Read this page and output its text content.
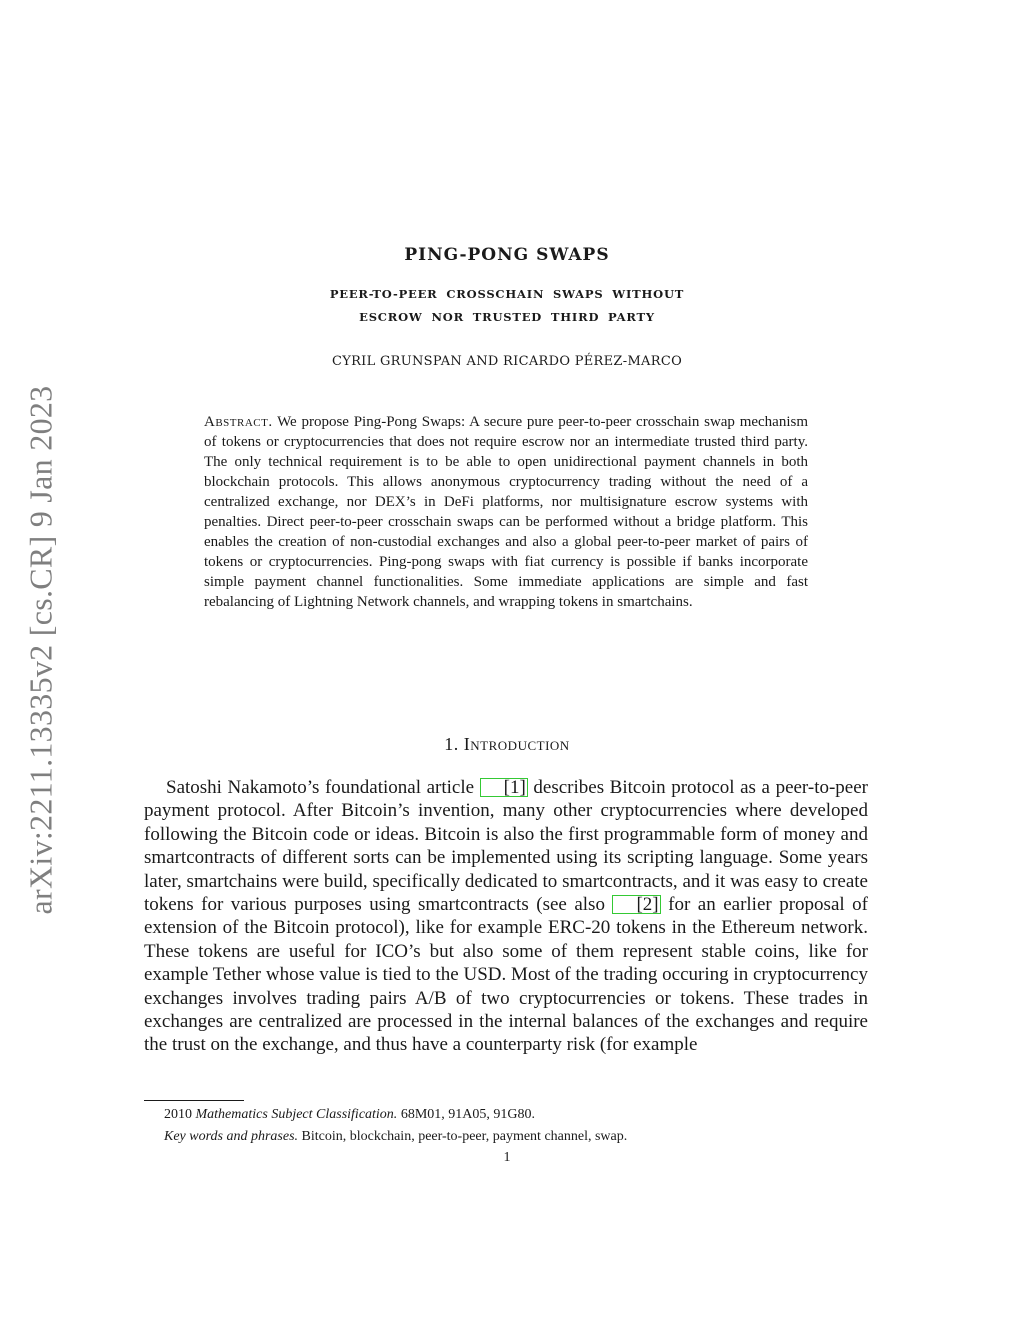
arXiv:2211.13335v2 [cs.CR] 9 Jan 2023
PING-PONG SWAPS
PEER-TO-PEER CROSSCHAIN SWAPS WITHOUT
ESCROW NOR TRUSTED THIRD PARTY
CYRIL GRUNSPAN AND RICARDO PÉREZ-MARCO
Abstract. We propose Ping-Pong Swaps: A secure pure peer-to-peer crosschain swap mechanism of tokens or cryptocurrencies that does not require escrow nor an intermediate trusted third party. The only technical requirement is to be able to open unidirectional payment channels in both blockchain protocols. This allows anonymous cryptocurrency trading without the need of a centralized exchange, nor DEX’s in DeFi platforms, nor multisignature escrow systems with penalties. Direct peer-to-peer crosschain swaps can be performed without a bridge platform. This enables the creation of non-custodial exchanges and also a global peer-to-peer market of pairs of tokens or cryptocurrencies. Ping-pong swaps with fiat currency is possible if banks incorporate simple payment channel functionalities. Some immediate applications are simple and fast rebalancing of Lightning Network channels, and wrapping tokens in smartchains.
1. Introduction

Satoshi Nakamoto’s foundational article [1] describes Bitcoin protocol as a peer-to-peer payment protocol. After Bitcoin’s invention, many other cryptocurrencies where developed following the Bitcoin code or ideas. Bitcoin is also the first programmable form of money and smartcontracts of different sorts can be implemented using its scripting language. Some years later, smartchains were build, specifically dedicated to smartcontracts, and it was easy to create tokens for various purposes using smartcontracts (see also [2] for an earlier proposal of extension of the Bitcoin protocol), like for example ERC-20 tokens in the Ethereum network. These tokens are useful for ICO’s but also some of them represent stable coins, like for example Tether whose value is tied to the USD. Most of the trading occuring in cryptocurrency exchanges involves trading pairs A/B of two cryptocurrencies or tokens. These trades in exchanges are centralized are processed in the internal balances of the exchanges and require the trust on the exchange, and thus have a counterparty risk (for example

2010 Mathematics Subject Classification. 68M01, 91A05, 91G80.
Key words and phrases. Bitcoin, blockchain, peer-to-peer, payment channel, swap.
1
